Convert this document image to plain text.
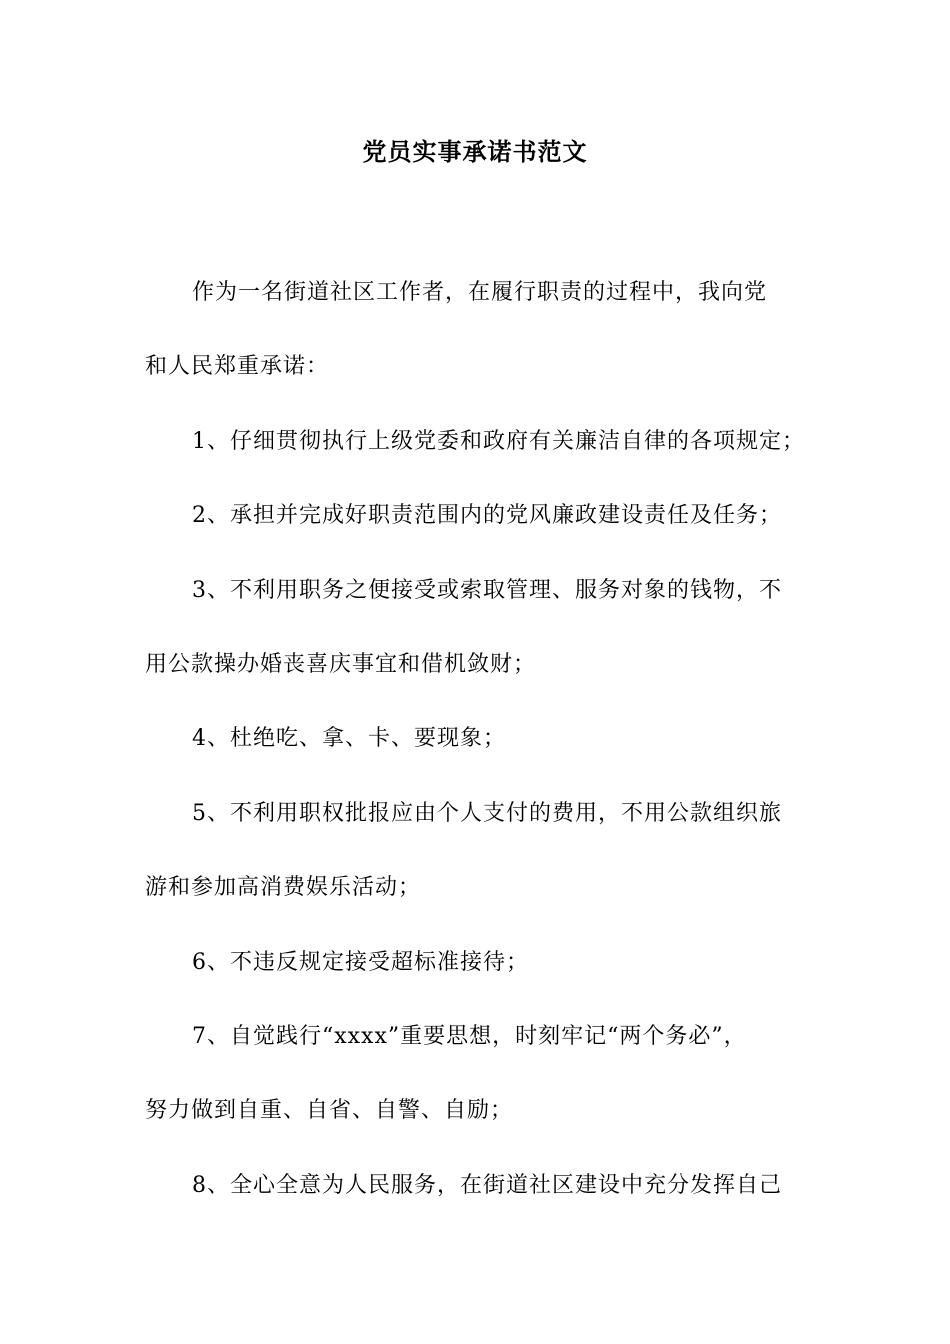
党员实事承诺书范文
作为一名街道社区工作者，在履行职责的过程中，我向党
和人民郑重承诺：
1、仔细贯彻执行上级党委和政府有关廉洁自律的各项规定；
2、承担并完成好职责范围内的党风廉政建设责任及任务；
3、不利用职务之便接受或索取管理、服务对象的钱物，不
用公款操办婚丧喜庆事宜和借机敛财；
4、杜绝吃、拿、卡、要现象；
5、不利用职权批报应由个人支付的费用，不用公款组织旅
游和参加高消费娱乐活动；
6、不违反规定接受超标准接待；
7、自觉践行“xxxx”重要思想，时刻牢记“两个务必”，
努力做到自重、自省、自警、自励；
8、全心全意为人民服务，在街道社区建设中充分发挥自己
